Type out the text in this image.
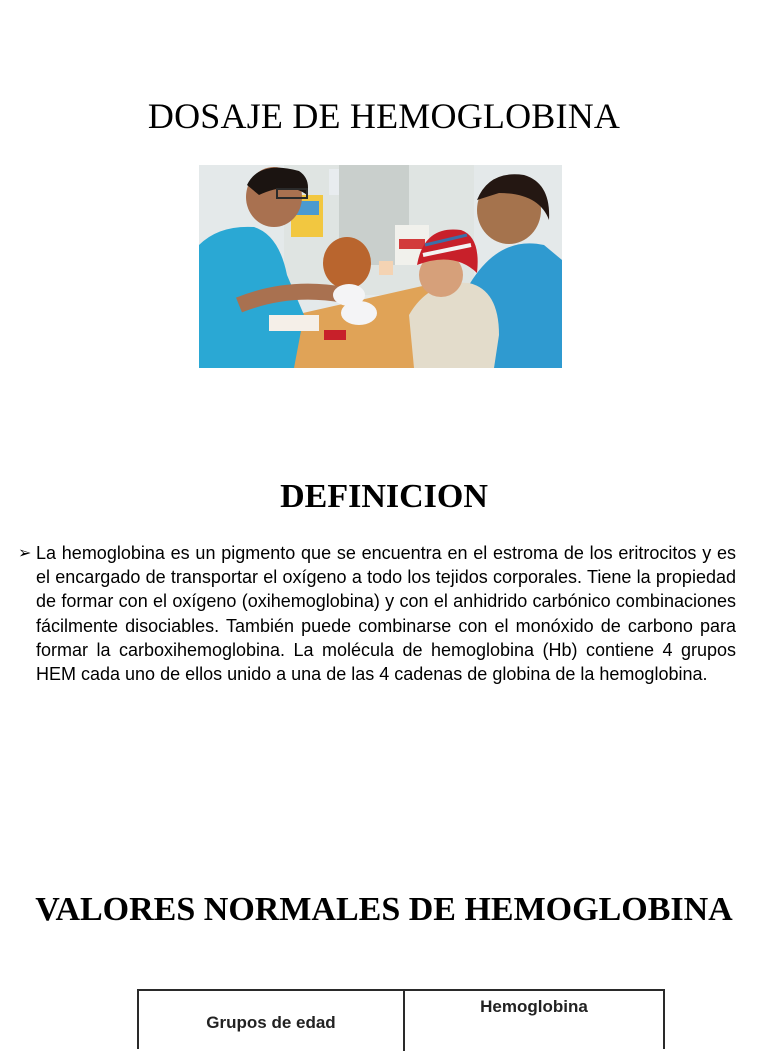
DOSAJE DE HEMOGLOBINA
DEFINICION
➢ La hemoglobina es un pigmento que se encuentra en el estroma de los eritrocitos y es el encargado de transportar el oxígeno a todo los tejidos corporales. Tiene la propiedad de formar con el oxígeno (oxihemoglobina) y con el anhidrido carbónico combinaciones fácilmente disociables. También puede combinarse con el monóxido de carbono para formar la carboxihemoglobina. La molécula de hemoglobina (Hb) contiene 4 grupos HEM cada uno de ellos unido a una de las 4 cadenas de globina de la hemoglobina.
VALORES NORMALES DE HEMOGLOBINA
Grupos de edad
Hemoglobina
